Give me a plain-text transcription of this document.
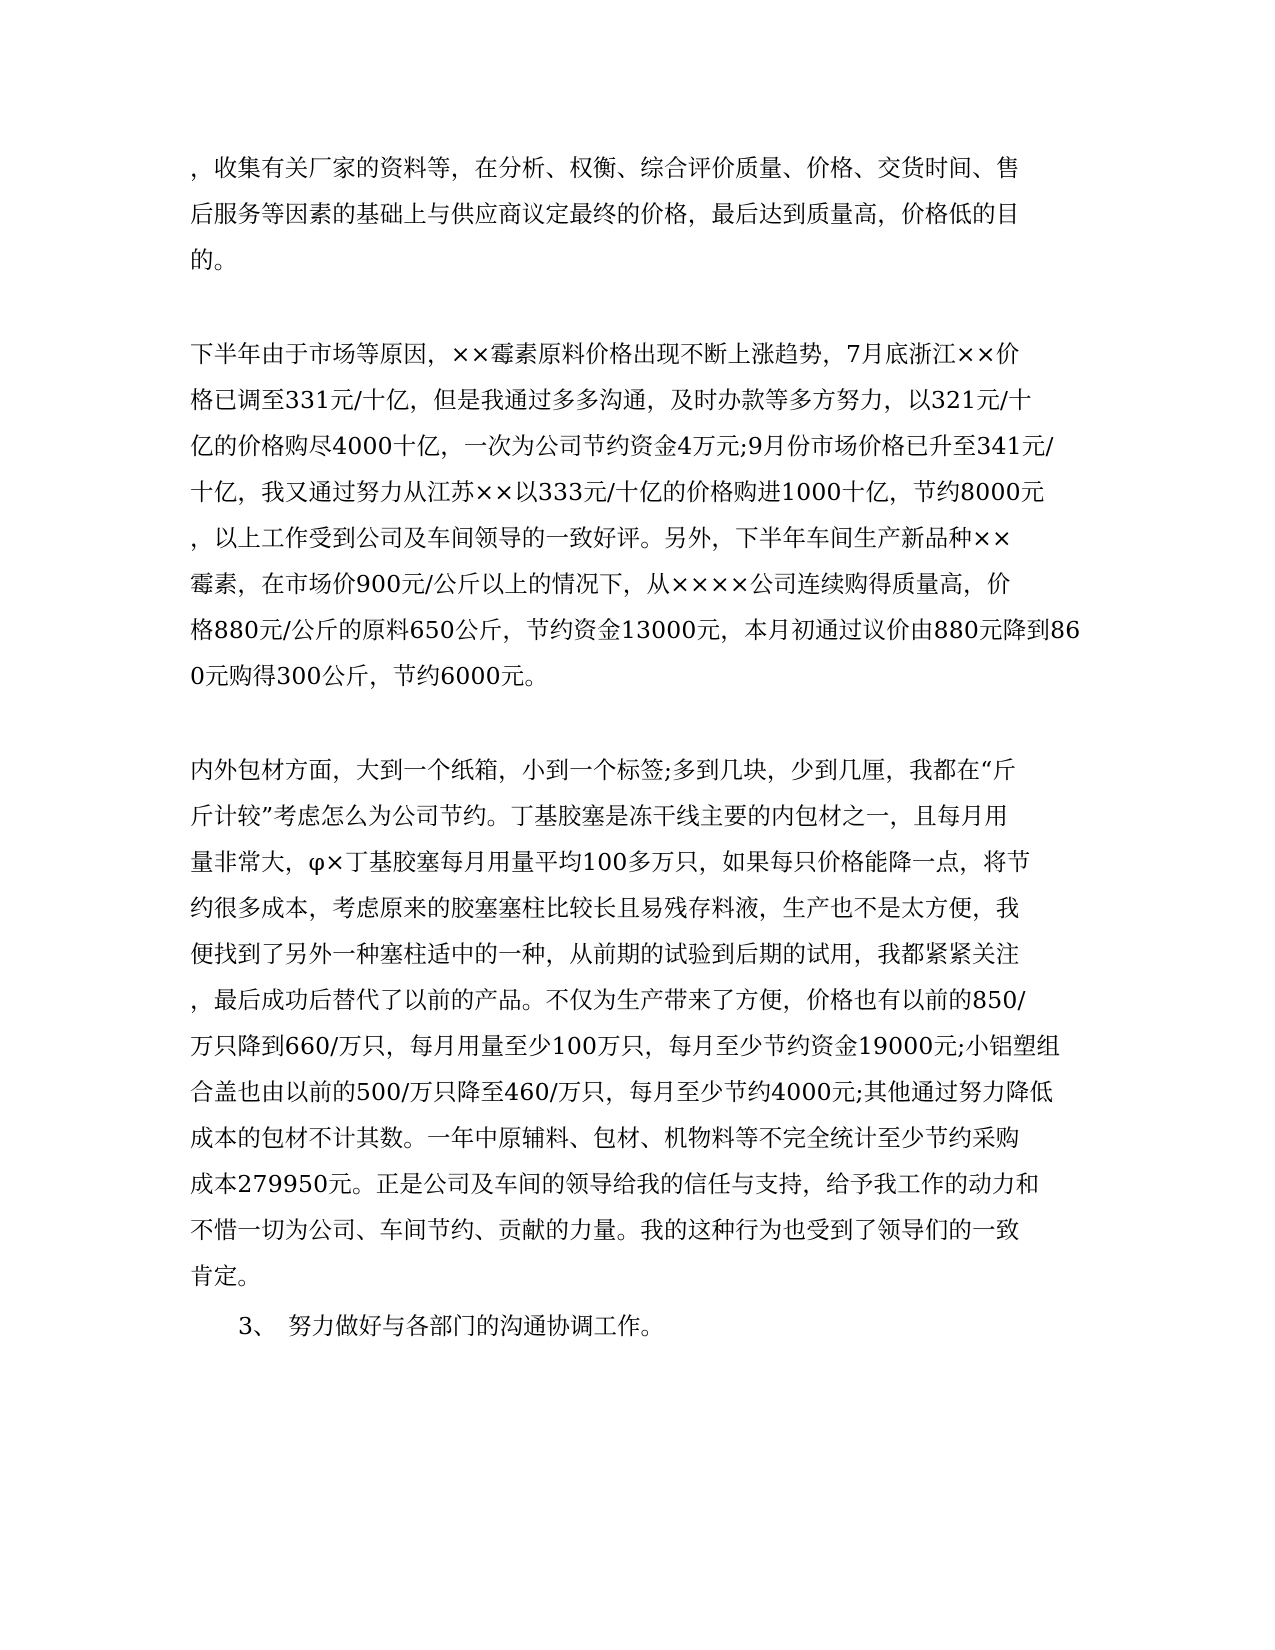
，收集有关厂家的资料等，在分析、权衡、综合评价质量、价格、交货时间、售
后服务等因素的基础上与供应商议定最终的价格，最后达到质量高，价格低的目
的。
下半年由于市场等原因，××霉素原料价格出现不断上涨趋势，7月底浙江××价
格已调至331元/十亿，但是我通过多多沟通，及时办款等多方努力，以321元/十
亿的价格购尽4000十亿，一次为公司节约资金4万元;9月份市场价格已升至341元/
十亿，我又通过努力从江苏××以333元/十亿的价格购进1000十亿，节约8000元
，以上工作受到公司及车间领导的一致好评。另外，下半年车间生产新品种××
霉素，在市场价900元/公斤以上的情况下，从××××公司连续购得质量高，价
格880元/公斤的原料650公斤，节约资金13000元，本月初通过议价由880元降到86
0元购得300公斤，节约6000元。
内外包材方面，大到一个纸箱，小到一个标签;多到几块，少到几厘，我都在“斤
斤计较”考虑怎么为公司节约。丁基胶塞是冻干线主要的内包材之一，且每月用
量非常大，φ×丁基胶塞每月用量平均100多万只，如果每只价格能降一点，将节
约很多成本，考虑原来的胶塞塞柱比较长且易残存料液，生产也不是太方便，我
便找到了另外一种塞柱适中的一种，从前期的试验到后期的试用，我都紧紧关注
，最后成功后替代了以前的产品。不仅为生产带来了方便，价格也有以前的850/
万只降到660/万只，每月用量至少100万只，每月至少节约资金19000元;小铝塑组
合盖也由以前的500/万只降至460/万只，每月至少节约4000元;其他通过努力降低
成本的包材不计其数。一年中原辅料、包材、机物料等不完全统计至少节约采购
成本279950元。正是公司及车间的领导给我的信任与支持，给予我工作的动力和
不惜一切为公司、车间节约、贡献的力量。我的这种行为也受到了领导们的一致
肯定。
3、 努力做好与各部门的沟通协调工作。
